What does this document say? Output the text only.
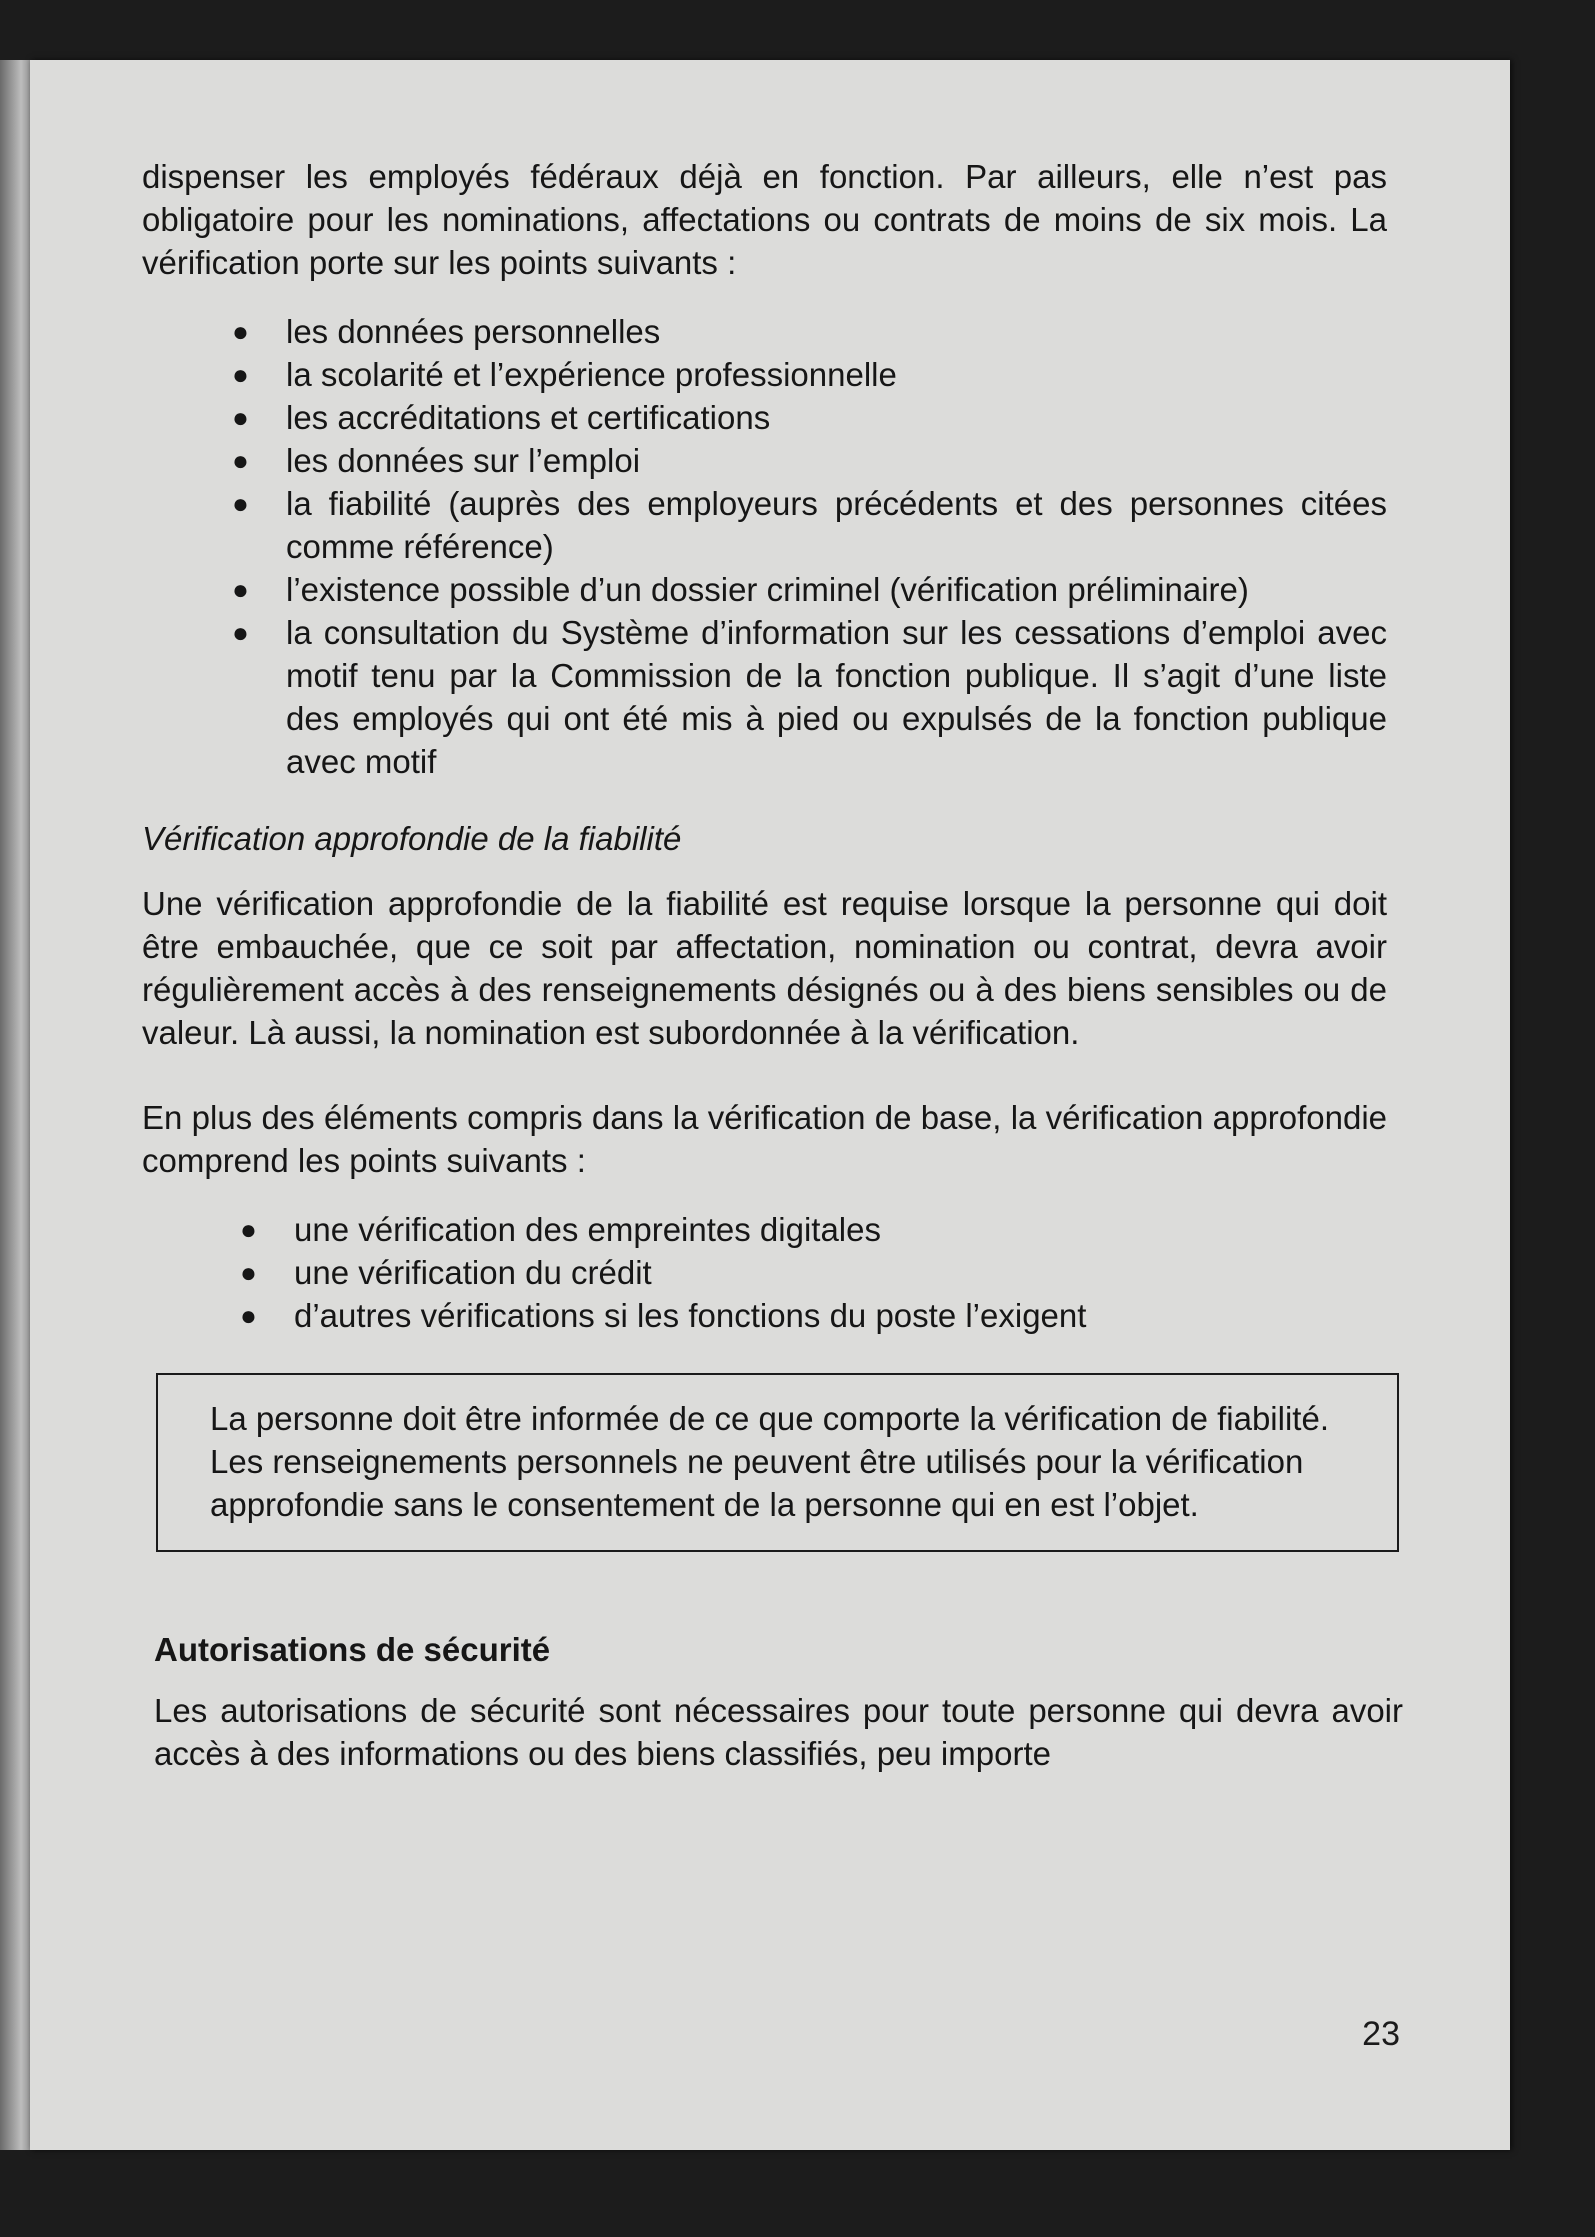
dispenser les employés fédéraux déjà en fonction. Par ailleurs, elle n’est pas obligatoire pour les nominations, affectations ou contrats de moins de six mois. La vérification porte sur les points suivants :

●	les données personnelles
●	la scolarité et l’expérience professionnelle
●	les accréditations et certifications
●	les données sur l’emploi
●	la fiabilité (auprès des employeurs précédents et des personnes citées comme référence)
●	l’existence possible d’un dossier criminel (vérification préliminaire)
●	la consultation du Système d’information sur les cessations d’emploi avec motif tenu par la Commission de la fonction publique. Il s’agit d’une liste des employés qui ont été mis à pied ou expulsés de la fonction publique avec motif

Vérification approfondie de la fiabilité

Une vérification approfondie de la fiabilité est requise lorsque la personne qui doit être embauchée, que ce soit par affectation, nomination ou contrat, devra avoir régulièrement accès à des renseignements désignés ou à des biens sensibles ou de valeur. Là aussi, la nomination est subordonnée à la vérification.

En plus des éléments compris dans la vérification de base, la vérification approfondie comprend les points suivants :

●	une vérification des empreintes digitales
●	une vérification du crédit
●	d’autres vérifications si les fonctions du poste l’exigent

La personne doit être informée de ce que comporte la vérification de fiabilité. Les renseignements personnels ne peuvent être utilisés pour la vérification approfondie sans le consentement de la personne qui en est l’objet.

Autorisations de sécurité

Les autorisations de sécurité sont nécessaires pour toute personne qui devra avoir accès à des informations ou des biens classifiés, peu importe

23
